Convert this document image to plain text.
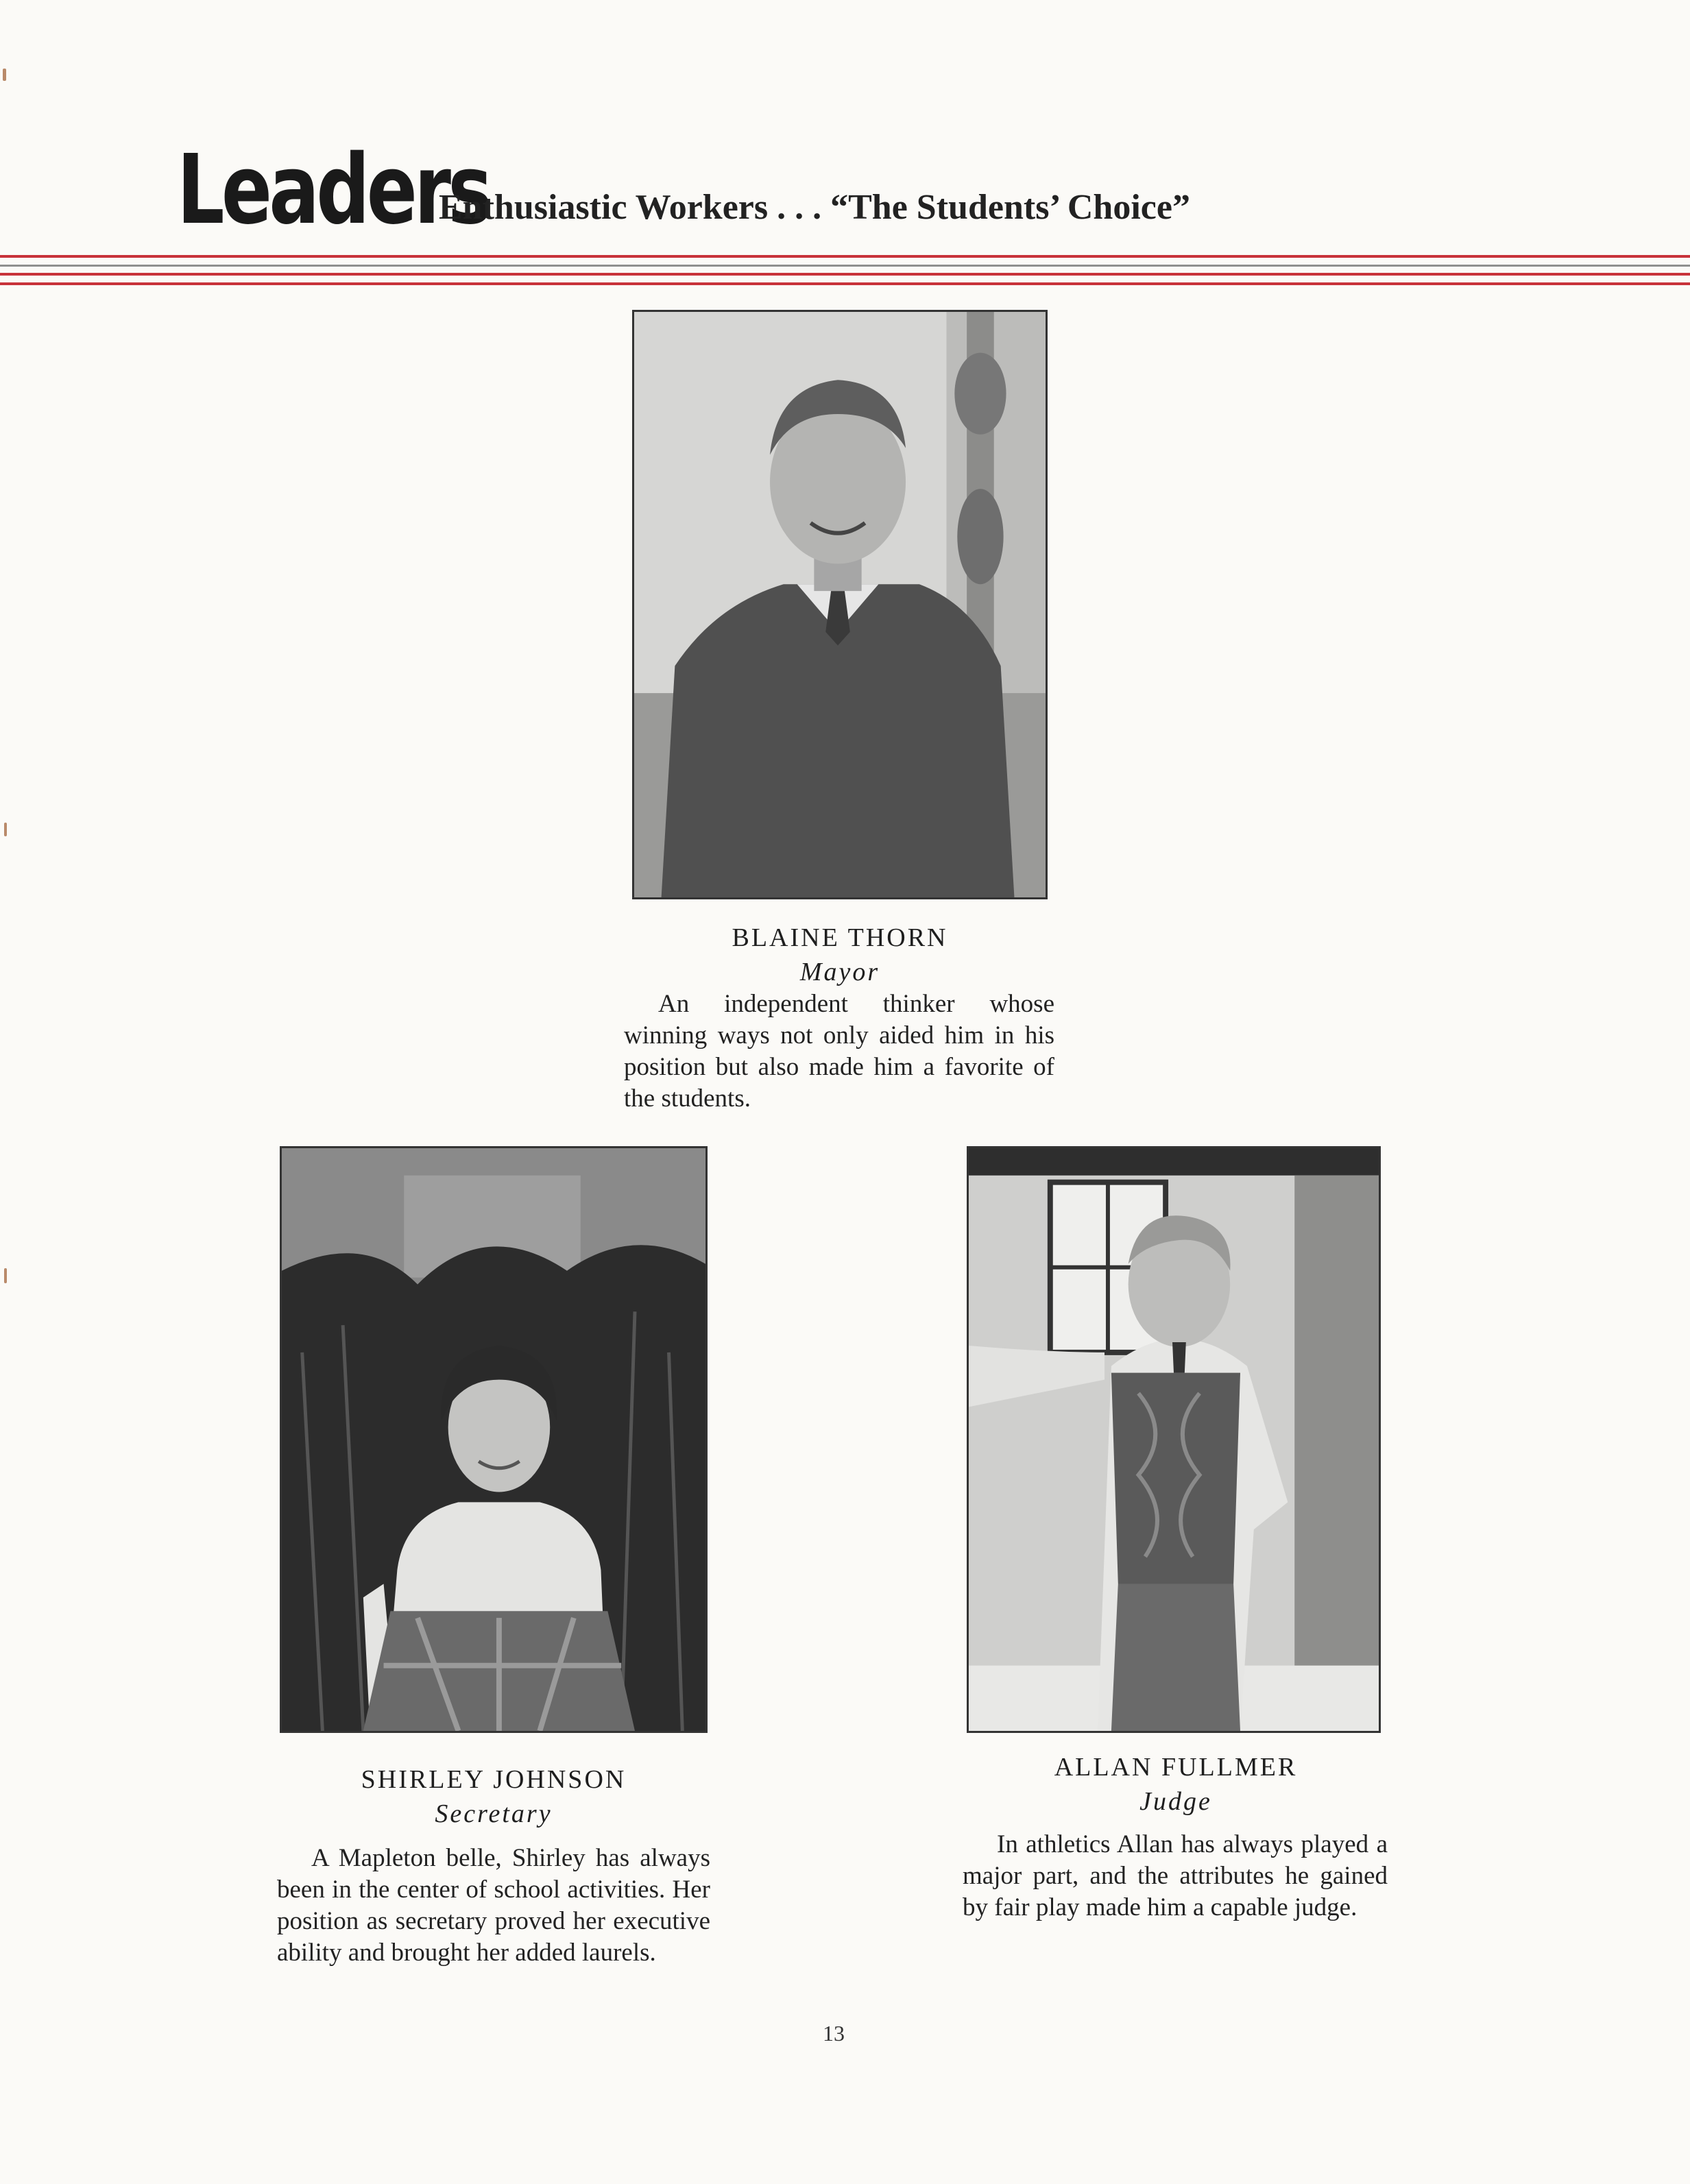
Leaders
Enthusiastic Workers . . . “The Students’ Choice”
BLAINE THORN
Mayor
An independent thinker whose winning ways not only aided him in his position but also made him a favorite of the students.
SHIRLEY JOHNSON
Secretary
A Mapleton belle, Shirley has always been in the center of school activities. Her position as secretary proved her executive ability and brought her added laurels.
ALLAN FULLMER
Judge
In athletics Allan has always played a major part, and the attributes he gained by fair play made him a capable judge.
13
